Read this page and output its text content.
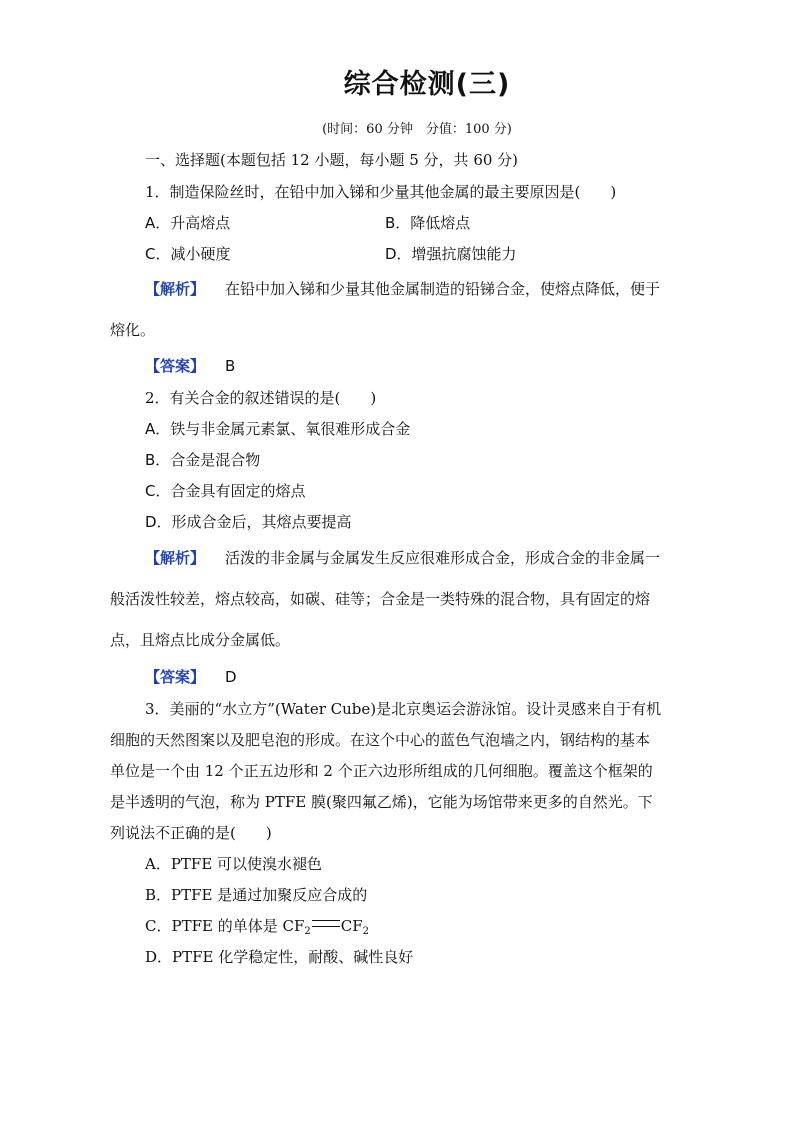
综合检测(三)
(时间：60 分钟　分值：100 分)
一、选择题(本题包括 12 小题，每小题 5 分，共 60 分)
1．制造保险丝时，在铅中加入锑和少量其他金属的最主要原因是(　　)
A．升高熔点	B．降低熔点
C．减小硬度	D．增强抗腐蚀能力
【解析】 在铅中加入锑和少量其他金属制造的铅锑合金，使熔点降低，便于
熔化。
【答案】 B
2．有关合金的叙述错误的是(　　)
A．铁与非金属元素氯、氧很难形成合金
B．合金是混合物
C．合金具有固定的熔点
D．形成合金后，其熔点要提高
【解析】 活泼的非金属与金属发生反应很难形成合金，形成合金的非金属一
般活泼性较差，熔点较高，如碳、硅等；合金是一类特殊的混合物，具有固定的熔
点，且熔点比成分金属低。
【答案】 D
3．美丽的“水立方”(Water Cube)是北京奥运会游泳馆。设计灵感来自于有机
细胞的天然图案以及肥皂泡的形成。在这个中心的蓝色气泡墙之内，钢结构的基本
单位是一个由 12 个正五边形和 2 个正六边形所组成的几何细胞。覆盖这个框架的
是半透明的气泡，称为 PTFE 膜(聚四氟乙烯)，它能为场馆带来更多的自然光。下
列说法不正确的是(　　)
A．PTFE 可以使溴水褪色
B．PTFE 是通过加聚反应合成的
C．PTFE 的单体是 $CF_2$ $CF_2$
D．PTFE 化学稳定性，耐酸、碱性良好
